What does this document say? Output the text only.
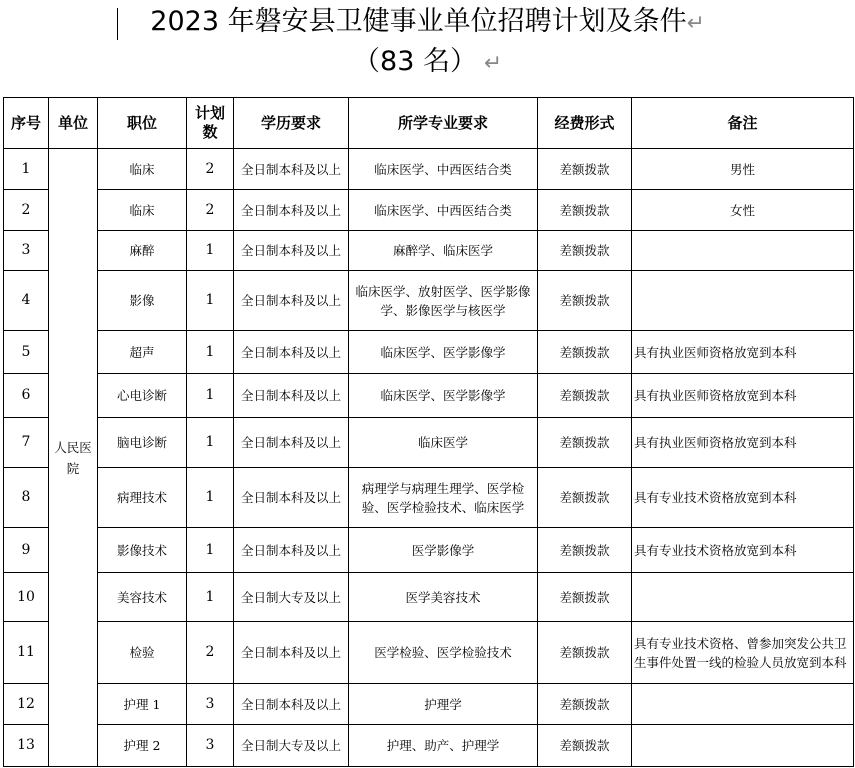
2023 年磐安县卫健事业单位招聘计划及条件↵
（83 名） ↵
序号	单位	职位	计划数	学历要求	所学专业要求	经费形式	备注
1	人民医院	临床	2	全日制本科及以上	临床医学、中西医结合类	差额拨款	男性
2		临床	2	全日制本科及以上	临床医学、中西医结合类	差额拨款	女性
3		麻醉	1	全日制本科及以上	麻醉学、临床医学	差额拨款	
4		影像	1	全日制本科及以上	临床医学、放射医学、医学影像学、影像医学与核医学	差额拨款	
5		超声	1	全日制本科及以上	临床医学、医学影像学	差额拨款	具有执业医师资格放宽到本科
6		心电诊断	1	全日制本科及以上	临床医学、医学影像学	差额拨款	具有执业医师资格放宽到本科
7		脑电诊断	1	全日制本科及以上	临床医学	差额拨款	具有执业医师资格放宽到本科
8		病理技术	1	全日制本科及以上	病理学与病理生理学、医学检验、医学检验技术、临床医学	差额拨款	具有专业技术资格放宽到本科
9		影像技术	1	全日制本科及以上	医学影像学	差额拨款	具有专业技术资格放宽到本科
10		美容技术	1	全日制大专及以上	医学美容技术	差额拨款	
11		检验	2	全日制本科及以上	医学检验、医学检验技术	差额拨款	具有专业技术资格、曾参加突发公共卫生事件处置一线的检验人员放宽到本科
12		护理 1	3	全日制本科及以上	护理学	差额拨款	
13		护理 2	3	全日制大专及以上	护理、助产、护理学	差额拨款	
